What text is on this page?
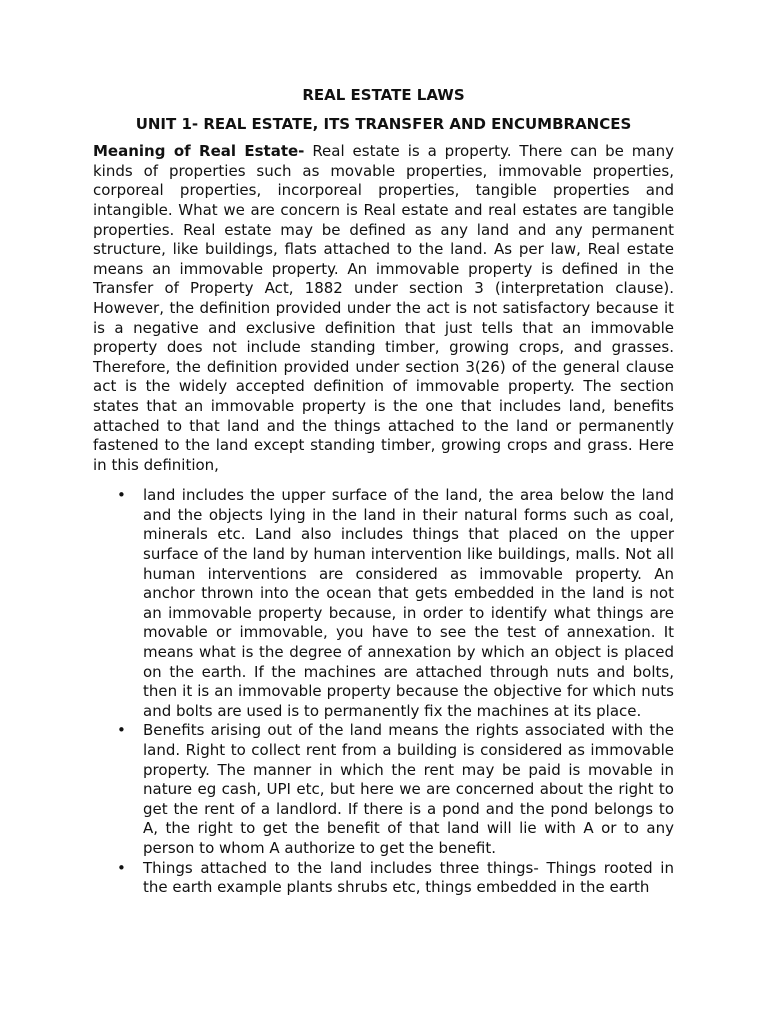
REAL ESTATE LAWS

UNIT 1- REAL ESTATE, ITS TRANSFER AND ENCUMBRANCES

Meaning of Real Estate- Real estate is a property. There can be many kinds of properties such as movable properties, immovable properties, corporeal properties, incorporeal properties, tangible properties and intangible. What we are concern is Real estate and real estates are tangible properties. Real estate may be defined as any land and any permanent structure, like buildings, flats attached to the land. As per law, Real estate means an immovable property. An immovable property is defined in the Transfer of Property Act, 1882 under section 3 (interpretation clause). However, the definition provided under the act is not satisfactory because it is a negative and exclusive definition that just tells that an immovable property does not include standing timber, growing crops, and grasses. Therefore, the definition provided under section 3(26) of the general clause act is the widely accepted definition of immovable property. The section states that an immovable property is the one that includes land, benefits attached to that land and the things attached to the land or permanently fastened to the land except standing timber, growing crops and grass. Here in this definition,

• land includes the upper surface of the land, the area below the land and the objects lying in the land in their natural forms such as coal, minerals etc. Land also includes things that placed on the upper surface of the land by human intervention like buildings, malls. Not all human interventions are considered as immovable property. An anchor thrown into the ocean that gets embedded in the land is not an immovable property because, in order to identify what things are movable or immovable, you have to see the test of annexation. It means what is the degree of annexation by which an object is placed on the earth. If the machines are attached through nuts and bolts, then it is an immovable property because the objective for which nuts and bolts are used is to permanently fix the machines at its place.
• Benefits arising out of the land means the rights associated with the land. Right to collect rent from a building is considered as immovable property. The manner in which the rent may be paid is movable in nature eg cash, UPI etc, but here we are concerned about the right to get the rent of a landlord. If there is a pond and the pond belongs to A, the right to get the benefit of that land will lie with A or to any person to whom A authorize to get the benefit.
• Things attached to the land includes three things- Things rooted in the earth example plants shrubs etc, things embedded in the earth
